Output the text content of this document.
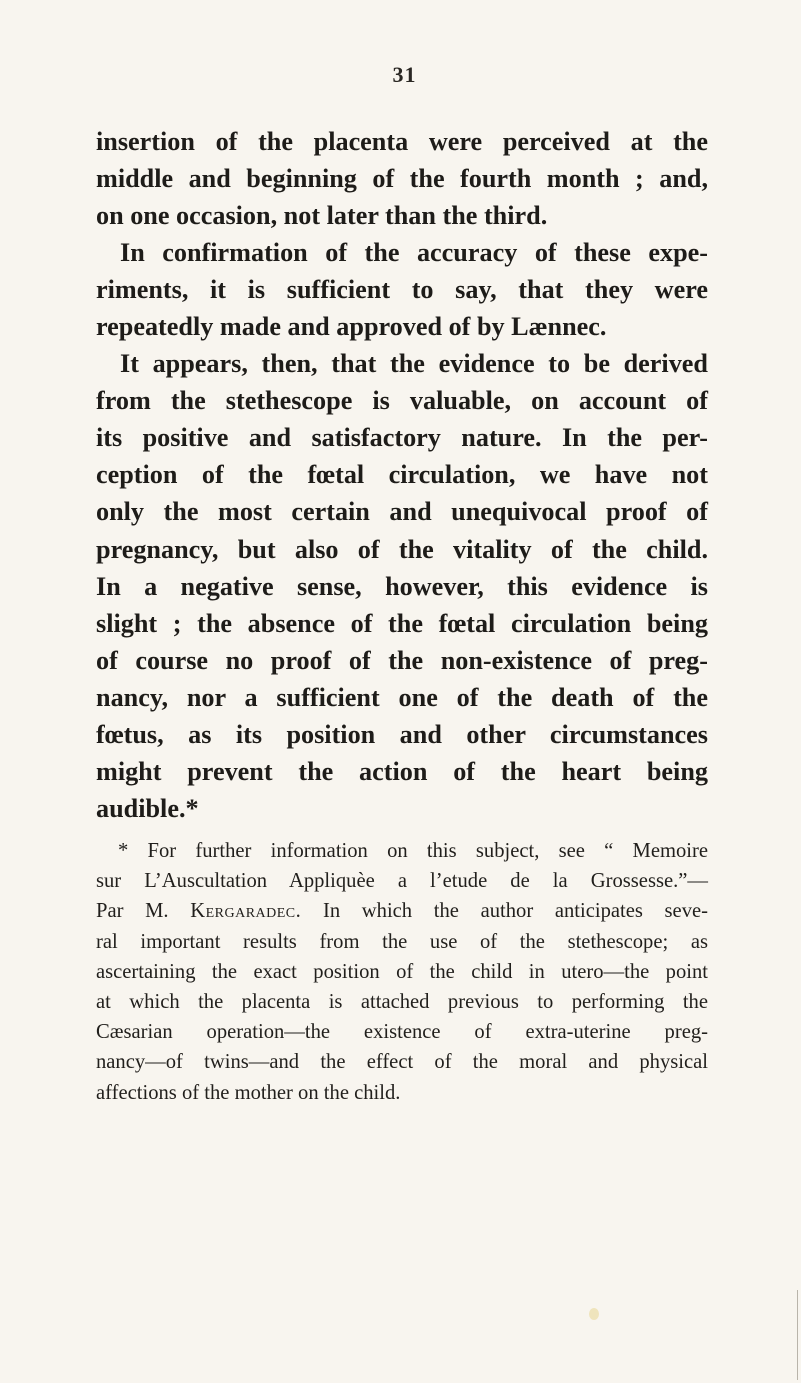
31
insertion of the placenta were perceived at the
middle and beginning of the fourth month ; and,
on one occasion, not later than the third.
In confirmation of the accuracy of these expe-
riments, it is sufficient to say, that they were
repeatedly made and approved of by Lænnec.
It appears, then, that the evidence to be derived
from the stethescope is valuable, on account of
its positive and satisfactory nature. In the per-
ception of the fœtal circulation, we have not
only the most certain and unequivocal proof of
pregnancy, but also of the vitality of the child.
In a negative sense, however, this evidence is
slight ; the absence of the fœtal circulation being
of course no proof of the non-existence of preg-
nancy, nor a sufficient one of the death of the
fœtus, as its position and other circumstances
might prevent the action of the heart being
audible.*
* For further information on this subject, see “ Memoire
sur L’Auscultation Appliquèe a l’etude de la Grossesse.”—
Par M. Kergaradec. In which the author anticipates seve-
ral important results from the use of the stethescope; as
ascertaining the exact position of the child in utero—the point
at which the placenta is attached previous to performing the
Cæsarian operation—the existence of extra-uterine preg-
nancy—of twins—and the effect of the moral and physical
affections of the mother on the child.
